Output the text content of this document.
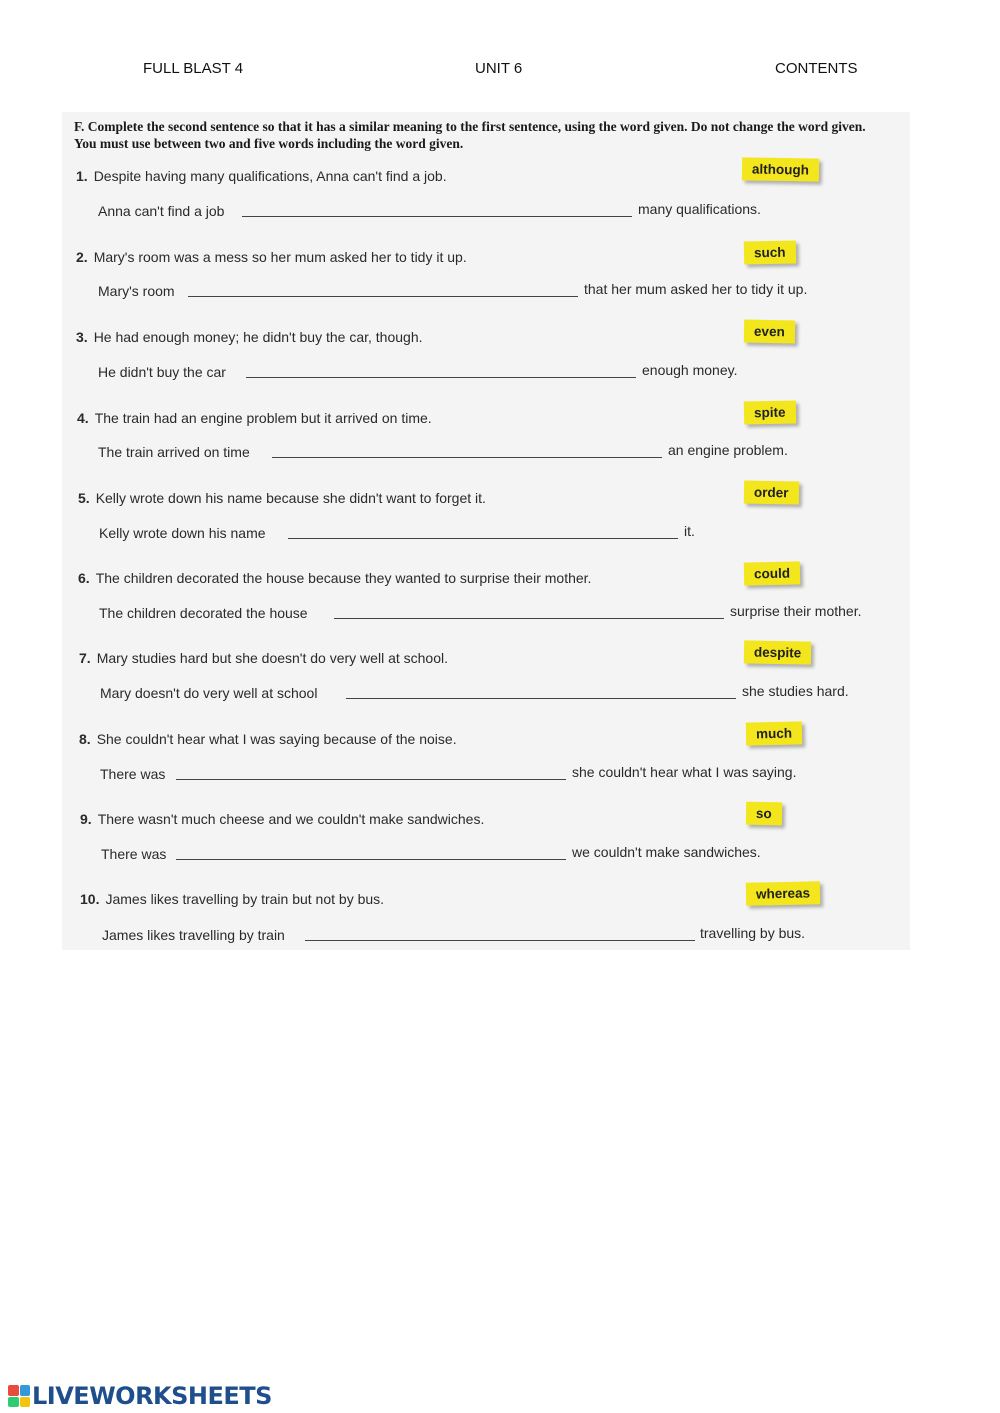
FULL BLAST 4	UNIT 6	CONTENTS
F. Complete the second sentence so that it has a similar meaning to the first sentence, using the word given. Do not change the word given. You must use between two and five words including the word given.
1. Despite having many qualifications, Anna can't find a job.	although
Anna can't find a job	many qualifications.
2. Mary's room was a mess so her mum asked her to tidy it up.	such
Mary's room	that her mum asked her to tidy it up.
3. He had enough money; he didn't buy the car, though.	even
He didn't buy the car	enough money.
4. The train had an engine problem but it arrived on time.	spite
The train arrived on time	an engine problem.
5. Kelly wrote down his name because she didn't want to forget it.	order
Kelly wrote down his name	it.
6. The children decorated the house because they wanted to surprise their mother.	could
The children decorated the house	surprise their mother.
7. Mary studies hard but she doesn't do very well at school.	despite
Mary doesn't do very well at school	she studies hard.
8. She couldn't hear what I was saying because of the noise.	much
There was	she couldn't hear what I was saying.
9. There wasn't much cheese and we couldn't make sandwiches.	so
There was	we couldn't make sandwiches.
10. James likes travelling by train but not by bus.	whereas
James likes travelling by train	travelling by bus.
LIVEWORKSHEETS
